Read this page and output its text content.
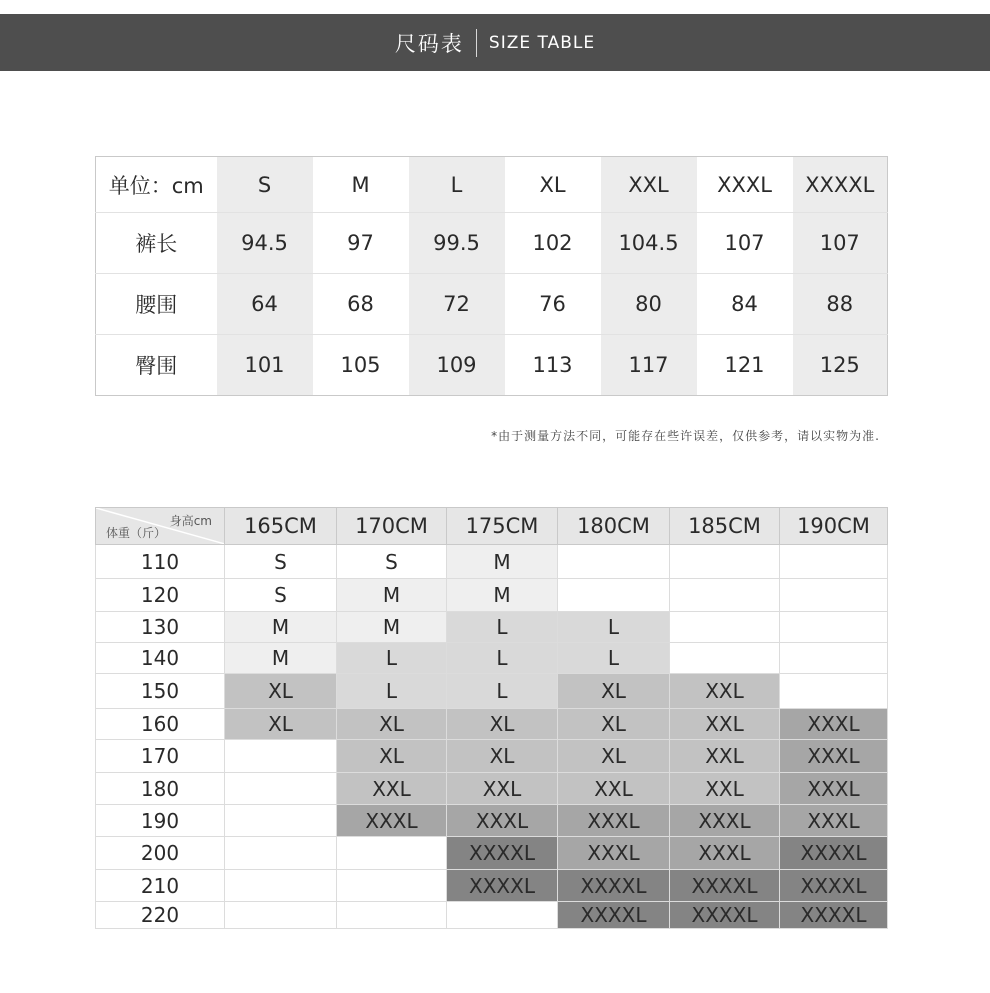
尺码表 SIZE TABLE
单位：cm	S	M	L	XL	XXL	XXXL	XXXXL
裤长	94.5	97	99.5	102	104.5	107	107
腰围	64	68	72	76	80	84	88
臀围	101	105	109	113	117	121	125
*由于测量方法不同，可能存在些许误差，仅供参考，请以实物为准.
身高cm
体重（斤）	165CM	170CM	175CM	180CM	185CM	190CM
110	S	S	M			
120	S	M	M			
130	M	M	L	L		
140	M	L	L	L		
150	XL	L	L	XL	XXL	
160	XL	XL	XL	XL	XXL	XXXL
170		XL	XL	XL	XXL	XXXL
180		XXL	XXL	XXL	XXL	XXXL
190		XXXL	XXXL	XXXL	XXXL	XXXL
200			XXXXL	XXXL	XXXL	XXXXL
210			XXXXL	XXXXL	XXXXL	XXXXL
220				XXXXL	XXXXL	XXXXL
